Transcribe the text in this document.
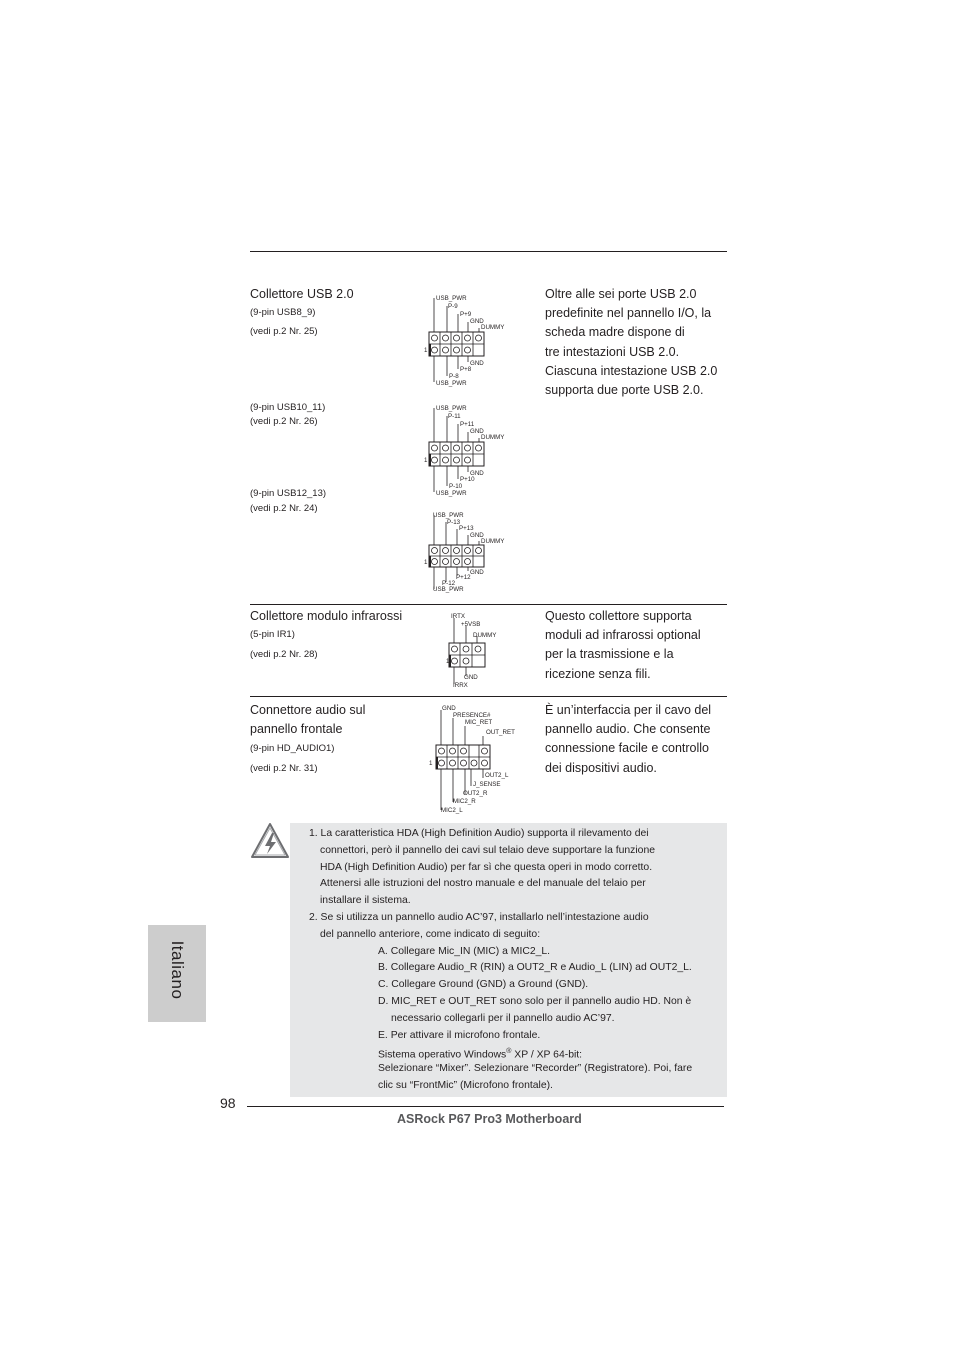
Italiano
Collettore USB 2.0
(9-pin USB8_9)
(vedi p.2 Nr. 25)
(9-pin USB10_11)
(vedi p.2 Nr. 26)
(9-pin USB12_13)
(vedi p.2 Nr. 24)
Oltre alle sei porte USB 2.0
predefinite nel pannello I/O, la
scheda madre dispone di
tre intestazioni USB 2.0.
Ciascuna intestazione USB 2.0
supporta due porte USB 2.0.
USB_PWR
P-9
P+9
GND
DUMMY
GND
P+8
P-8
USB_PWR
1
USB_PWR
P-11
P+11
GND
DUMMY
GND
P+10
P-10
USB_PWR
1
USB_PWR
P-13
P+13
GND
DUMMY
GND
P+12
P-12
USB_PWR
1
Collettore modulo infrarossi
(5-pin IR1)
(vedi p.2 Nr. 28)
Questo collettore supporta
moduli ad infrarossi optional
per la trasmissione e la
ricezione senza fili.
IRTX
+5VSB
DUMMY
GND
IRRX
1
Connettore audio sul
pannello frontale
(9-pin HD_AUDIO1)
(vedi p.2 Nr. 31)
È un’interfaccia per il cavo del
pannello audio. Che consente
connessione facile e controllo
dei dispositivi audio.
GND
PRESENCE#
MIC_RET
OUT_RET
OUT2_L
J_SENSE
OUT2_R
MIC2_R
MIC2_L
1
1. La caratteristica HDA (High Definition Audio) supporta il rilevamento dei
connettori, però il pannello dei cavi sul telaio deve supportare la funzione
HDA (High Definition Audio) per far sì che questa operi in modo corretto.
Attenersi alle istruzioni del nostro manuale e del manuale del telaio per
installare il sistema.
2. Se si utilizza un pannello audio AC’97, installarlo nell’intestazione audio
del pannello anteriore, come indicato di seguito:
A. Collegare Mic_IN (MIC) a MIC2_L.
B. Collegare Audio_R (RIN) a OUT2_R e Audio_L (LIN) ad OUT2_L.
C. Collegare Ground (GND) a Ground (GND).
D. MIC_RET e OUT_RET sono solo per il pannello audio HD. Non è
necessario collegarli per il pannello audio AC’97.
E. Per attivare il microfono frontale.
Sistema operativo Windows® XP / XP 64-bit:
Selezionare “Mixer”. Selezionare “Recorder” (Registratore). Poi, fare
clic su “FrontMic” (Microfono frontale).
98
ASRock P67 Pro3 Motherboard
